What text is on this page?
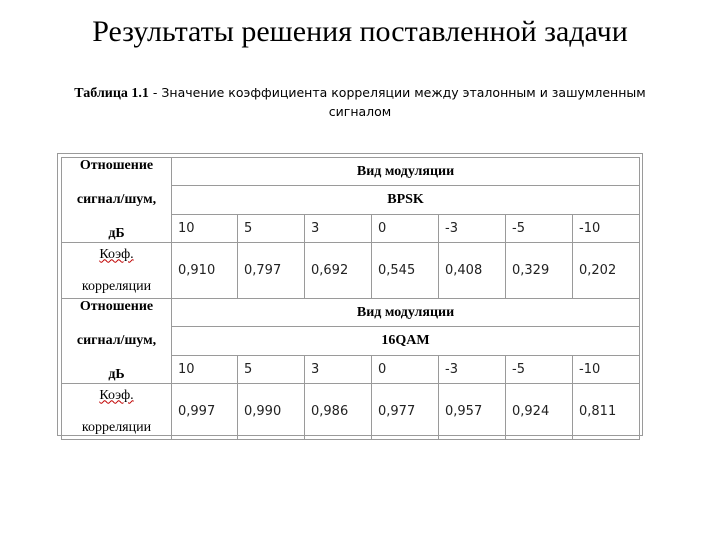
Результаты решения поставленной задачи
Таблица 1.1 - Значение коэффициента корреляции между эталонным и зашумленным
сигналом
Отношение
сигнал/шум,
дБ	Вид модуляции						
	BPSK						
	10	5	3	0	-3	-5	-10

Коэф.
корреляции	0,910	0,797	0,692	0,545	0,408	0,329	0,202

Отношение
сигнал/шум,
дЬ	Вид модуляции						
	16QAM						
	10	5	3	0	-3	-5	-10

Коэф.
корреляции	0,997	0,990	0,986	0,977	0,957	0,924	0,811
